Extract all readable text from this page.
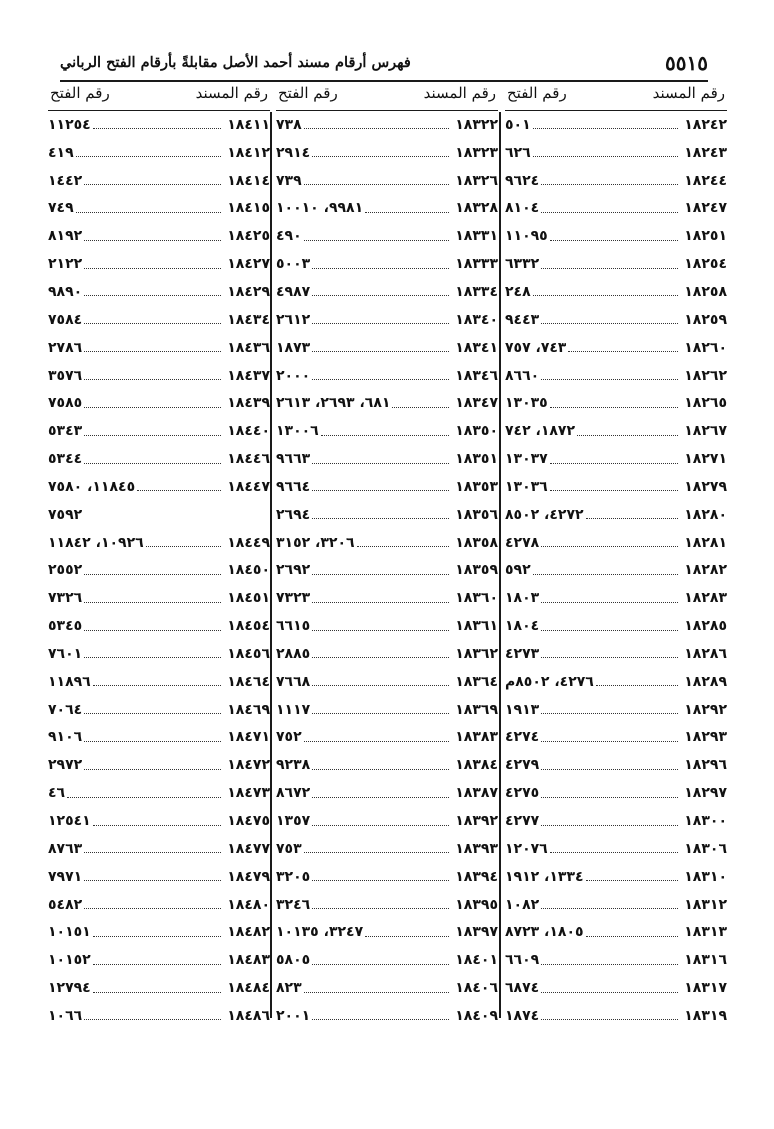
فهرس أرقام مسند أحمد الأصل مقابلةً بأرقام الفتح الرباني	٥٥١٥
رقم المسند
رقم الفتح
١٨٢٤٢
٥٠١
١٨٢٤٣
٦٢٦
١٨٢٤٤
٩٦٢٤
١٨٢٤٧
٨١٠٤
١٨٢٥١
١١٠٩٥
١٨٢٥٤
٦٣٣٢
١٨٢٥٨
٢٤٨
١٨٢٥٩
٩٤٤٣
١٨٢٦٠
٧٤٣، ٧٥٧
١٨٢٦٢
٨٦٦٠
١٨٢٦٥
١٣٠٣٥
١٨٢٦٧
١٨٧٢، ٧٤٢
١٨٢٧١
١٣٠٣٧
١٨٢٧٩
١٣٠٣٦
١٨٢٨٠
٤٢٧٢، ٨٥٠٢
١٨٢٨١
٤٢٧٨
١٨٢٨٢
٥٩٢
١٨٢٨٣
١٨٠٣
١٨٢٨٥
١٨٠٤
١٨٢٨٦
٤٢٧٣
١٨٢٨٩
٤٢٧٦، ٨٥٠٢م
١٨٢٩٢
١٩١٣
١٨٢٩٣
٤٢٧٤
١٨٢٩٦
٤٢٧٩
١٨٢٩٧
٤٢٧٥
١٨٣٠٠
٤٢٧٧
١٨٣٠٦
١٢٠٧٦
١٨٣١٠
١٣٣٤، ١٩١٢
١٨٣١٢
١٠٨٢
١٨٣١٣
١٨٠٥، ٨٧٢٣
١٨٣١٦
٦٦٠٩
١٨٣١٧
٦٨٧٤
١٨٣١٩
١٨٧٤
رقم المسند
رقم الفتح
١٨٣٢٢
٧٣٨
١٨٣٢٣
٢٩١٤
١٨٣٢٦
٧٣٩
١٨٣٢٨
٩٩٨١، ١٠٠١٠
١٨٣٣١
٤٩٠
١٨٣٣٣
٥٠٠٣
١٨٣٣٤
٤٩٨٧
١٨٣٤٠
٢٦١٢
١٨٣٤١
١٨٧٣
١٨٣٤٦
٢٠٠٠
١٨٣٤٧
٦٨١، ٢٦٩٣، ٢٦١٣
١٨٣٥٠
١٣٠٠٦
١٨٣٥١
٩٦٦٣
١٨٣٥٣
٩٦٦٤
١٨٣٥٦
٢٦٩٤
١٨٣٥٨
٣٢٠٦، ٣١٥٢
١٨٣٥٩
٢٦٩٢
١٨٣٦٠
٧٣٢٣
١٨٣٦١
٦٦١٥
١٨٣٦٢
٢٨٨٥
١٨٣٦٤
٧٦٦٨
١٨٣٦٩
١١١٧
١٨٣٨٣
٧٥٢
١٨٣٨٤
٩٢٣٨
١٨٣٨٧
٨٦٧٢
١٨٣٩٢
١٣٥٧
١٨٣٩٣
٧٥٣
١٨٣٩٤
٣٢٠٥
١٨٣٩٥
٣٢٤٦
١٨٣٩٧
٣٢٤٧، ١٠١٣٥
١٨٤٠١
٥٨٠٥
١٨٤٠٦
٨٢٣
١٨٤٠٩
٢٠٠١
رقم المسند
رقم الفتح
١٨٤١١
١١٢٥٤
١٨٤١٢
٤١٩
١٨٤١٤
١٤٤٢
١٨٤١٥
٧٤٩
١٨٤٢٥
٨١٩٢
١٨٤٢٧
٢١٢٢
١٨٤٢٩
٩٨٩٠
١٨٤٣٤
٧٥٨٤
١٨٤٣٦
٢٧٨٦
١٨٤٣٧
٣٥٧٦
١٨٤٣٩
٧٥٨٥
١٨٤٤٠
٥٣٤٣
١٨٤٤٦
٥٣٤٤
١٨٤٤٧
١١٨٤٥، ٧٥٨٠
٧٥٩٢
١٨٤٤٩
١٠٩٢٦، ١١٨٤٢
١٨٤٥٠
٢٥٥٢
١٨٤٥١
٧٣٢٦
١٨٤٥٤
٥٣٤٥
١٨٤٥٦
٧٦٠١
١٨٤٦٤
١١٨٩٦
١٨٤٦٩
٧٠٦٤
١٨٤٧١
٩١٠٦
١٨٤٧٢
٢٩٧٢
١٨٤٧٣
٤٦
١٨٤٧٥
١٢٥٤١
١٨٤٧٧
٨٧٦٣
١٨٤٧٩
٧٩٧١
١٨٤٨٠
٥٤٨٢
١٨٤٨٢
١٠١٥١
١٨٤٨٣
١٠١٥٢
١٨٤٨٤
١٢٧٩٤
١٨٤٨٦
١٠٦٦
